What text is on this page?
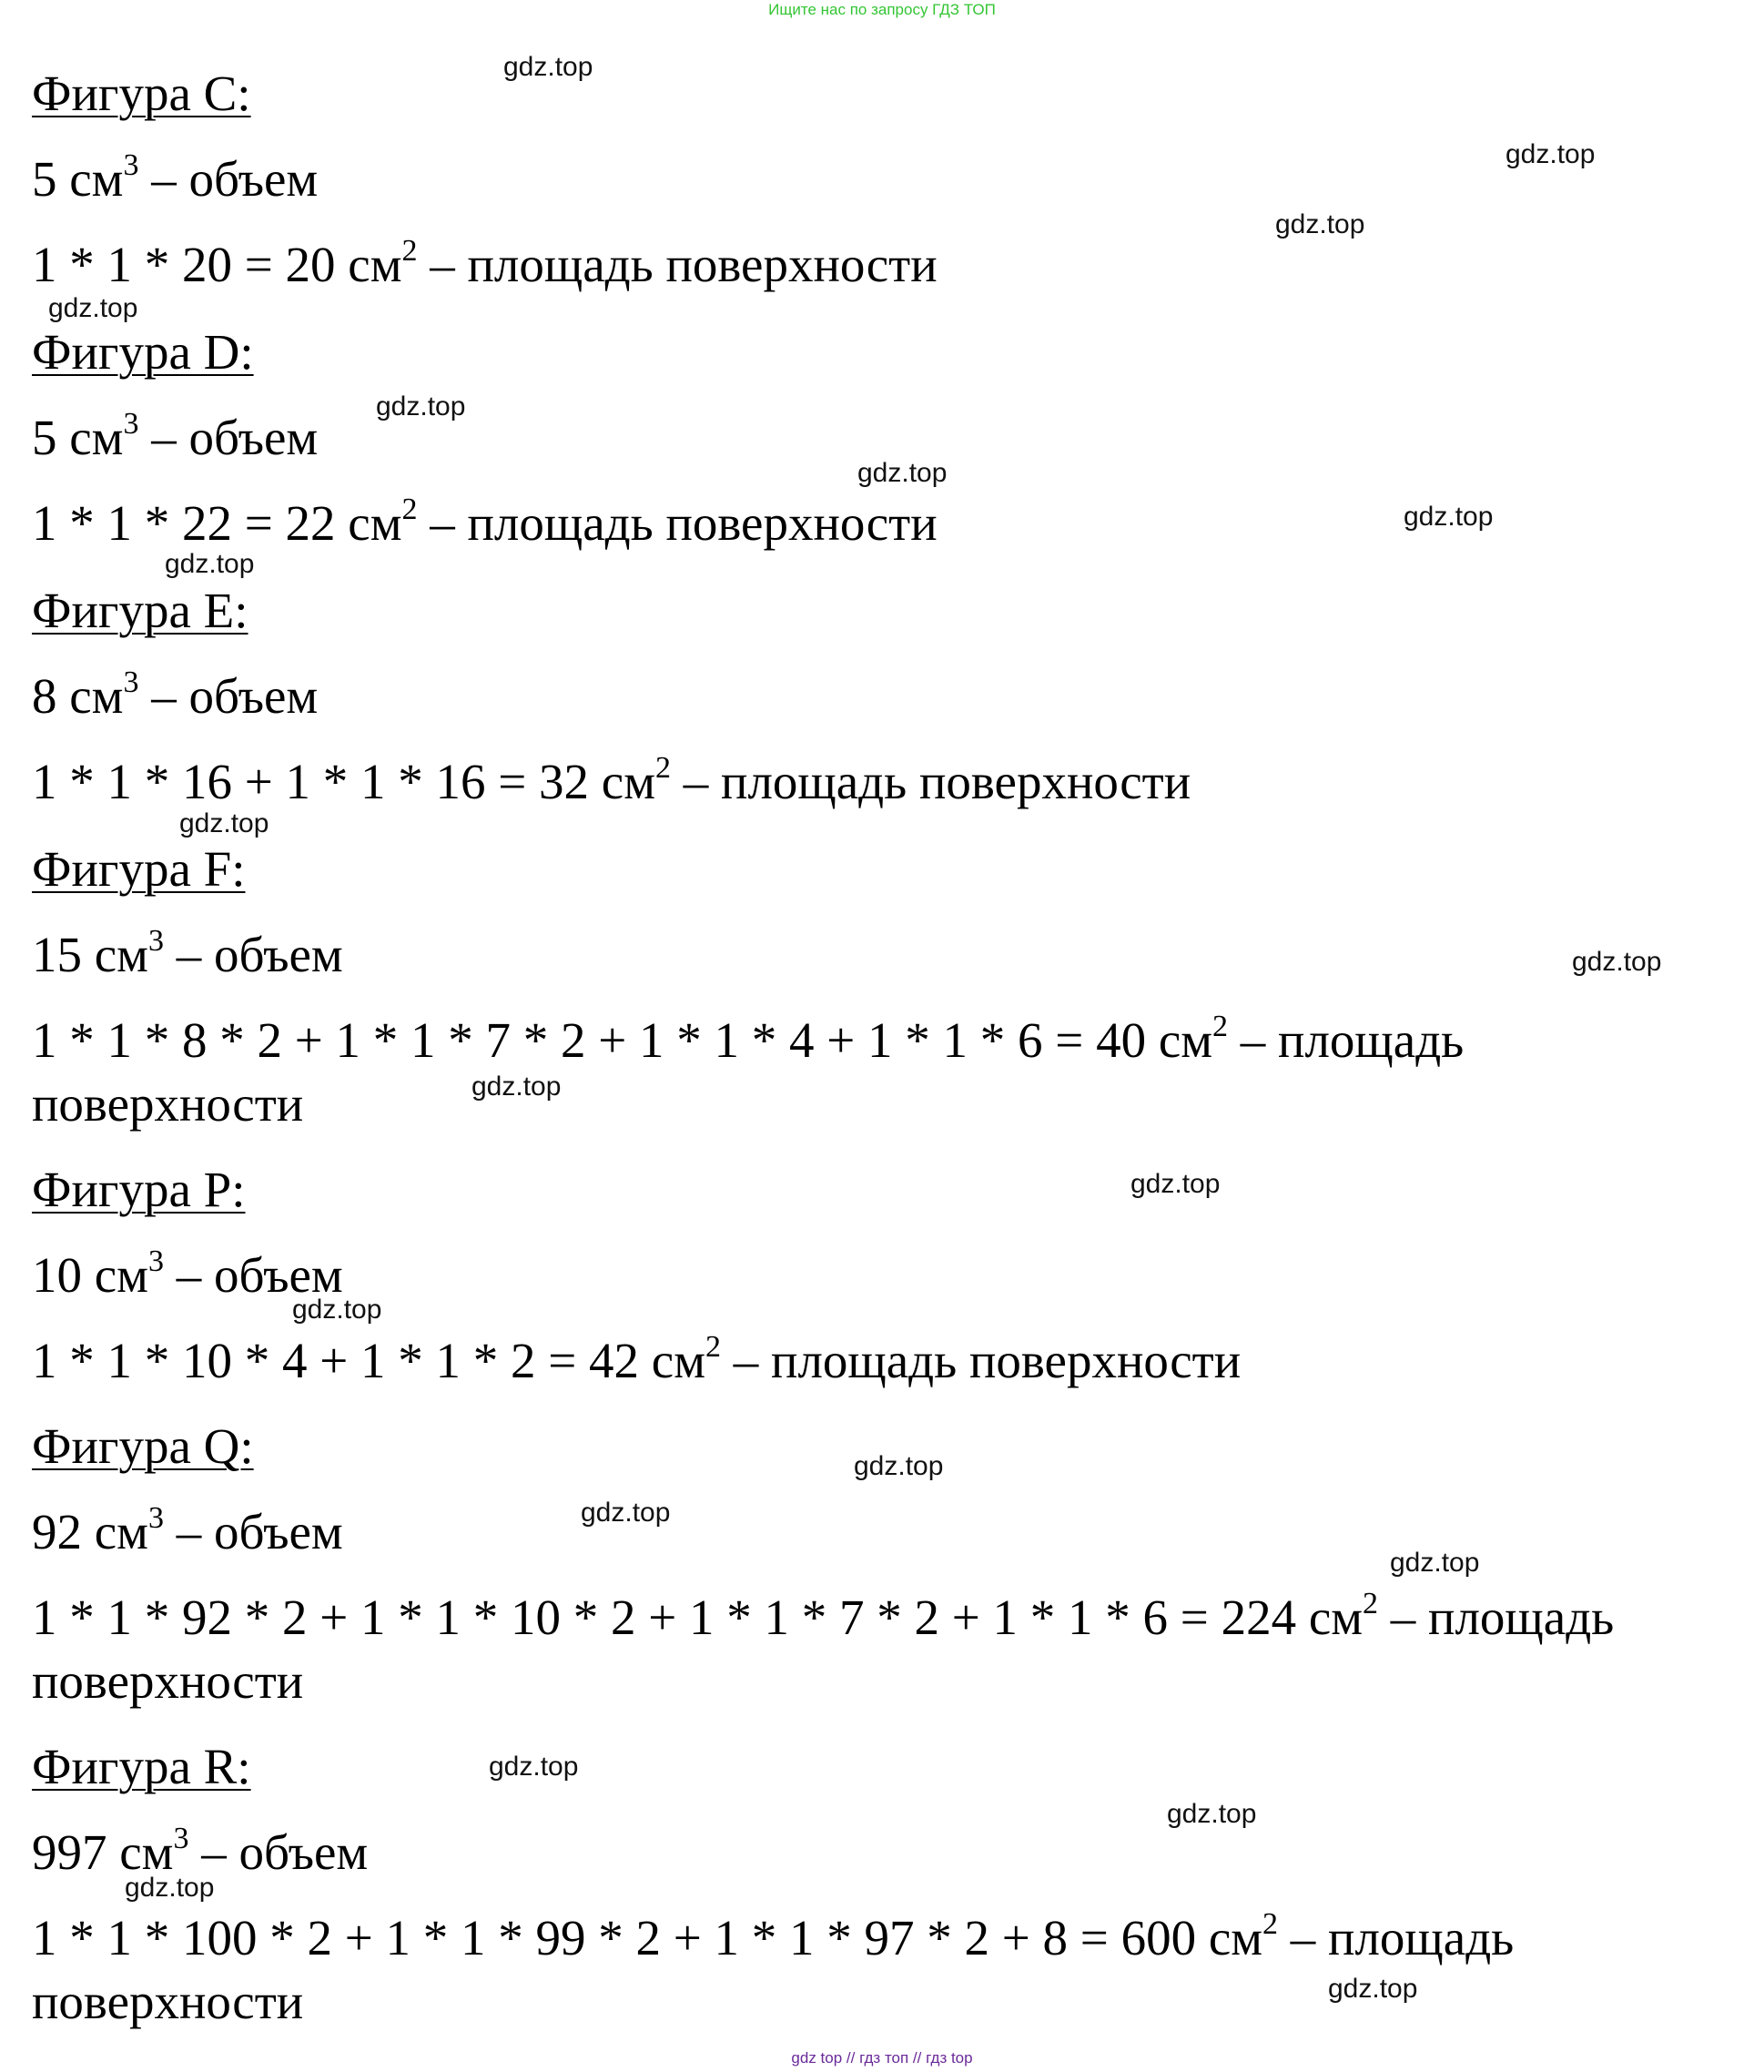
Ищите нас по запросу ГДЗ ТОП

Фигура C:

5 $см^3$ – объем

1 * 1 * 20 = 20 $см^2$ – площадь поверхности

Фигура D:

5 $см^3$ – объем

1 * 1 * 22 = 22 $см^2$ – площадь поверхности

Фигура E:

8 $см^3$ – объем

1 * 1 * 16 + 1 * 1 * 16 = 32 $см^2$ – площадь поверхности

Фигура F:

15 $см^3$ – объем

1 * 1 * 8 * 2 + 1 * 1 * 7 * 2 + 1 * 1 * 4 + 1 * 1 * 6 = 40 $см^2$ – площадь

поверхности

Фигура P:

10 $см^3$ – объем

1 * 1 * 10 * 4 + 1 * 1 * 2 = 42 $см^2$ – площадь поверхности

Фигура Q:

92 $см^3$ – объем

1 * 1 * 92 * 2 + 1 * 1 * 10 * 2 + 1 * 1 * 7 * 2 + 1 * 1 * 6 = 224 $см^2$ – площадь

поверхности

Фигура R:

997 $см^3$ – объем

1 * 1 * 100 * 2 + 1 * 1 * 99 * 2 + 1 * 1 * 97 * 2 + 8 = 600 $см^2$ – площадь

поверхности

gdz.top
gdz.top
gdz.top
gdz.top
gdz.top
gdz.top
gdz.top
gdz.top
gdz.top
gdz.top
gdz.top
gdz.top
gdz.top
gdz.top
gdz.top
gdz.top
gdz.top
gdz.top
gdz.top
gdz.top
gdz top // гдз топ // гдз top
